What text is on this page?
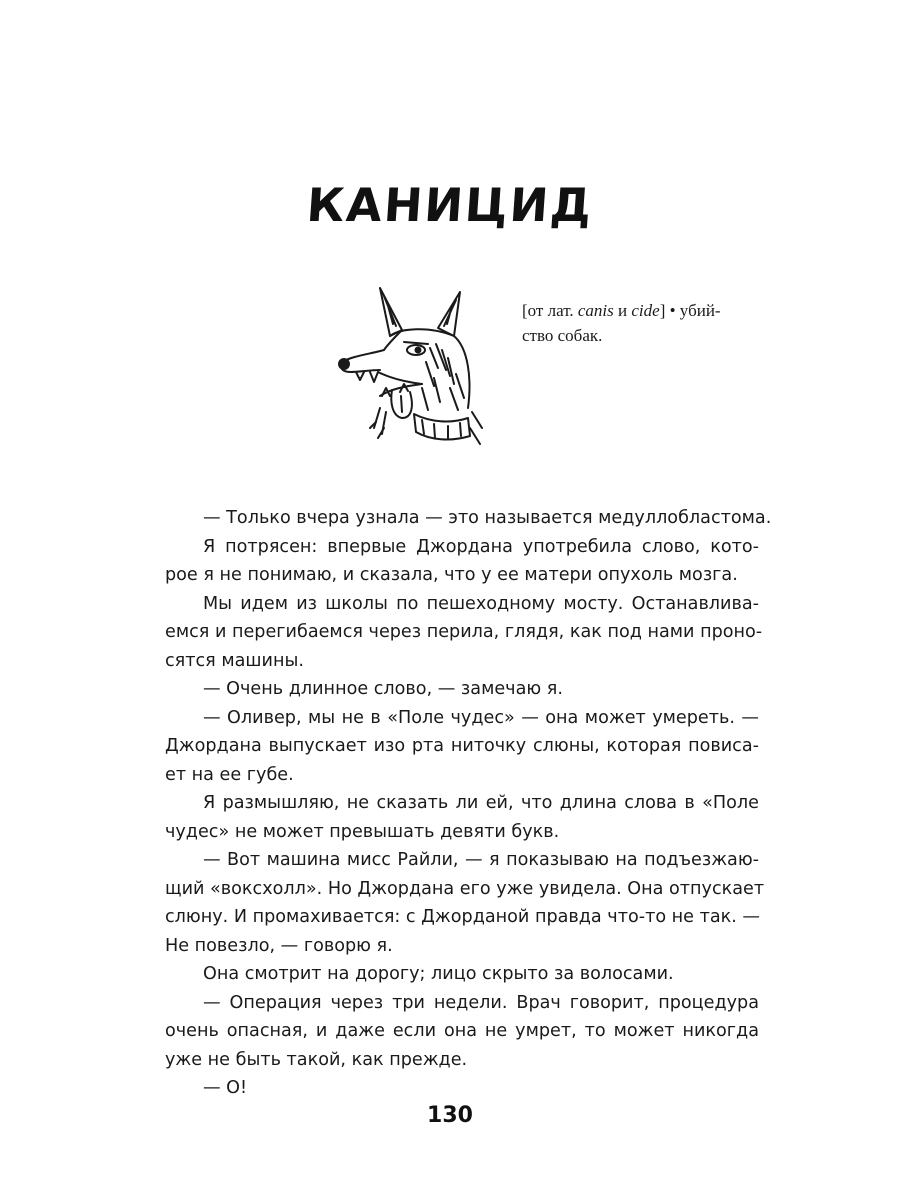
КАНИЦИД
[от лат. canis и cide] • убий-
ство собак.
— Только вчера узнала — это называется медуллобластома.
Я потрясен: впервые Джордана употребила слово, кото-
рое я не понимаю, и сказала, что у ее матери опухоль мозга.
Мы идем из школы по пешеходному мосту. Останавлива-
емся и перегибаемся через перила, глядя, как под нами проно-
сятся машины.
— Очень длинное слово, — замечаю я.
— Оливер, мы не в «Поле чудес» — она может умереть. —
Джордана выпускает изо рта ниточку слюны, которая повиса-
ет на ее губе.
Я размышляю, не сказать ли ей, что длина слова в «Поле
чудес» не может превышать девяти букв.
— Вот машина мисс Райли, — я показываю на подъезжаю-
щий «воксхолл». Но Джордана его уже увидела. Она отпускает
слюну. И промахивается: с Джорданой правда что-то не так. —
Не повезло, — говорю я.
Она смотрит на дорогу; лицо скрыто за волосами.
— Операция через три недели. Врач говорит, процедура
очень опасная, и даже если она не умрет, то может никогда
уже не быть такой, как прежде.
— О!
130
